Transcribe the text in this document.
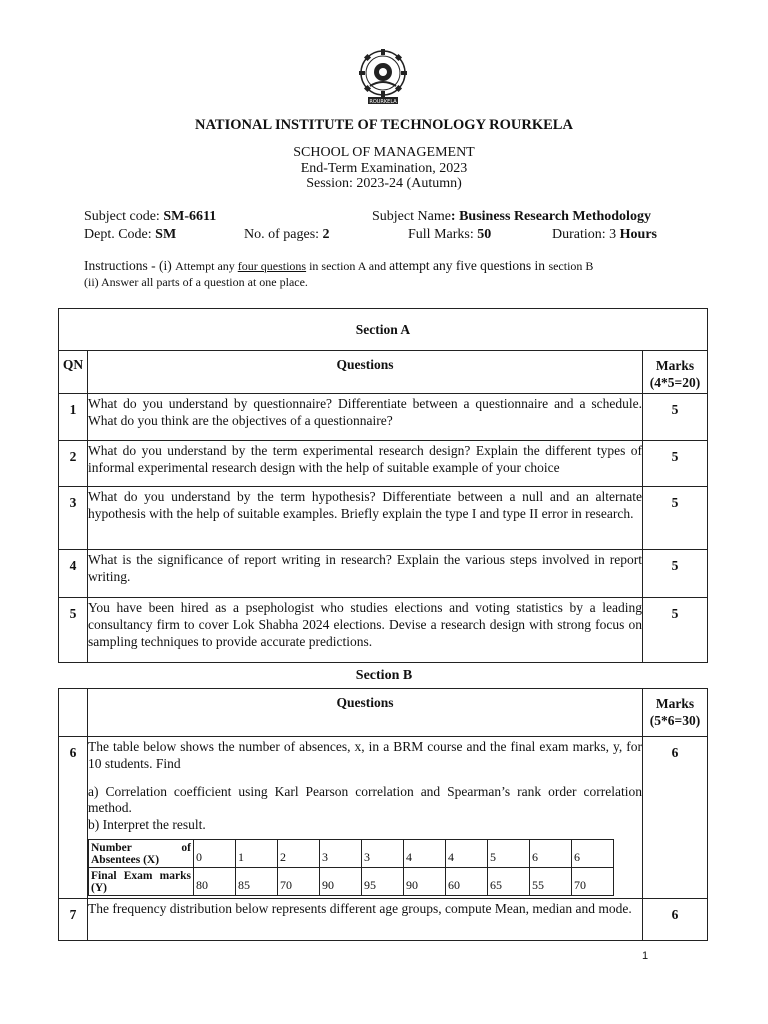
ROURKELA
NATIONAL INSTITUTE OF TECHNOLOGY ROURKELA
SCHOOL OF MANAGEMENT
End-Term Examination, 2023
Session: 2023-24 (Autumn)
Subject code: SM-6611	Subject Name: Business Research Methodology
Dept. Code: SM	No. of pages: 2	Full Marks: 50	Duration: 3 Hours
Instructions - (i) Attempt any four questions in section A and attempt any five questions in section B
(ii) Answer all parts of a question at one place.
Section A		
QN	Questions	Marks
(4*5=20)

1	What do you understand by questionnaire? Differentiate between a questionnaire and a schedule. What do you think are the objectives of a questionnaire?	5
2	What do you understand by the term experimental research design? Explain the different types of informal experimental research design with the help of suitable example of your choice	5
3	What do you understand by the term hypothesis? Differentiate between a null and an alternate hypothesis with the help of suitable examples. Briefly explain the type I and type II error in research.	5
4	What is the significance of report writing in research? Explain the various steps involved in report writing.	5
5	You have been hired as a psephologist who studies elections and voting statistics by a leading consultancy firm to cover Lok Shabha 2024 elections. Devise a research design with strong focus on sampling techniques to provide accurate predictions.	5
Section B
	Questions	Marks
(5*6=30)

6	The table below shows the number of absences, x, in a BRM course and the final exam marks, y, for 10 students. Find
a) Correlation coefficient using Karl Pearson correlation and Spearman’s rank order correlation method.
b) Interpret the result.
Number of Absentees (X)	0	1	2	3	3	4	4	5	6	6
Final Exam marks (Y)	80	85	70	90	95	90	60	65	55	70
	6
7	The frequency distribution below represents different age groups, compute Mean, median and mode.	6
1
